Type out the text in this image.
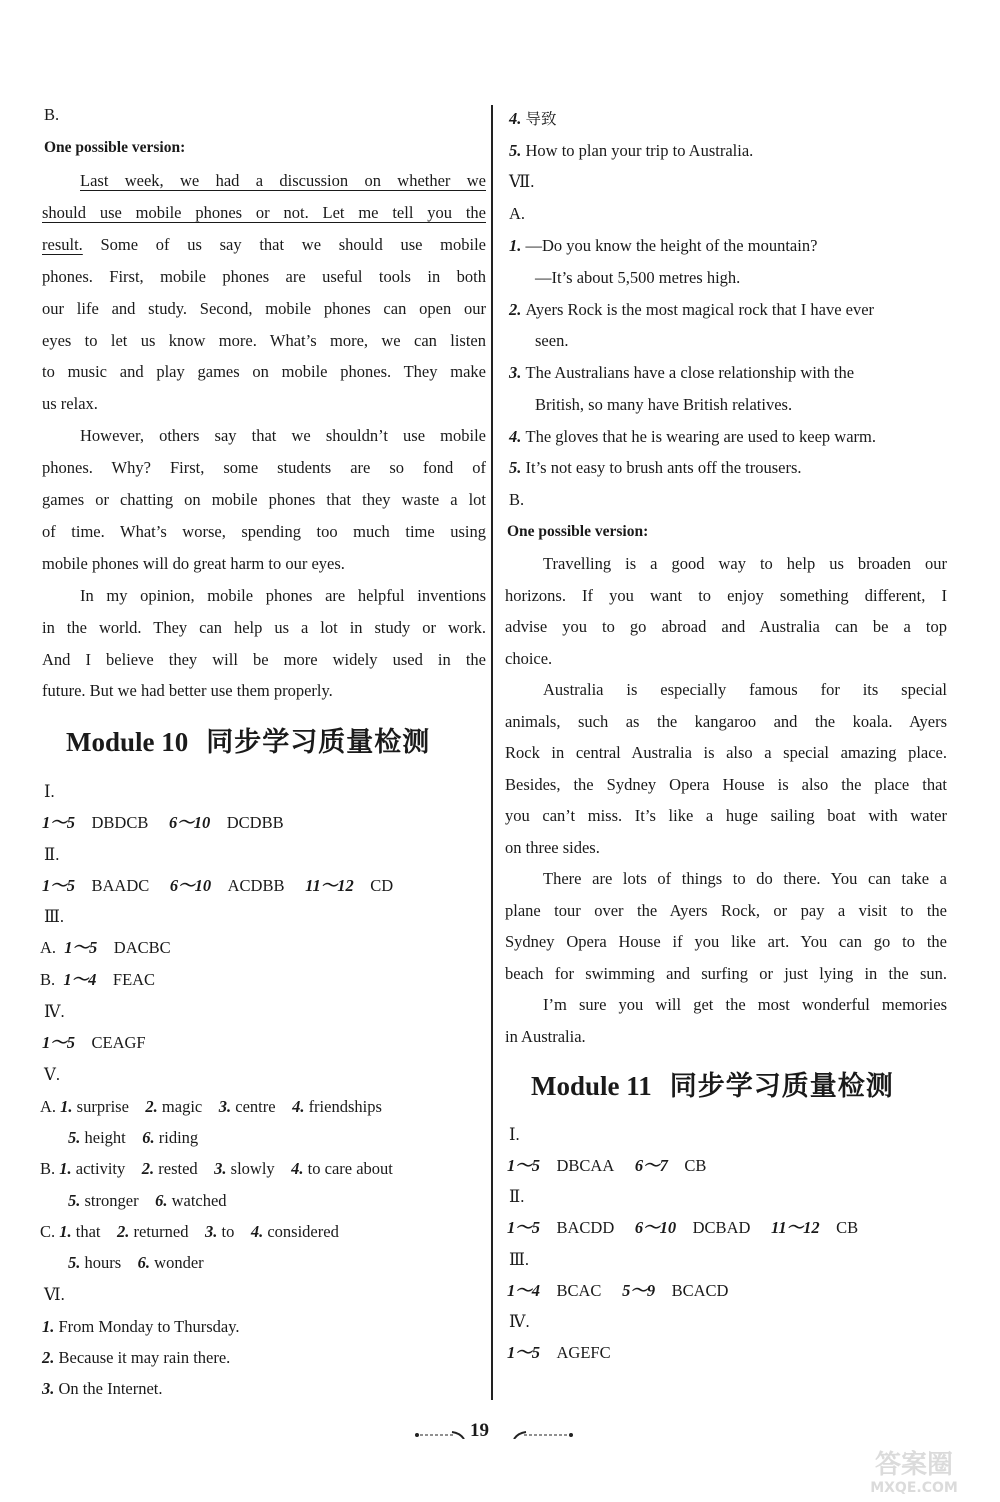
B.
One possible version:
Last week, we had a discussion on whether we
should use mobile phones or not. Let me tell you the
result. Some of us say that we should use mobile
phones. First, mobile phones are useful tools in both
our life and study. Second, mobile phones can open our
eyes to let us know more. What’s more, we can listen
to music and play games on mobile phones. They make
us relax.
However, others say that we shouldn’t use mobile
phones. Why? First, some students are so fond of
games or chatting on mobile phones that they waste a lot
of time. What’s worse, spending too much time using
mobile phones will do great harm to our eyes.
In my opinion, mobile phones are helpful inventions
in the world. They can help us a lot in study or work.
And I believe they will be more widely used in the
future. But we had better use them properly.
Module 10 同步学习质量检测
Ⅰ.
1～5 DBDCB 6～10 DCDBB
Ⅱ.
1～5 BAADC 6～10 ACDBB 11～12 CD
Ⅲ.
A. 1～5 DACBC
B. 1～4 FEAC
Ⅳ.
1～5 CEAGF
Ⅴ.
A. 1. surprise 2. magic 3. centre 4. friendships
5. height 6. riding
B. 1. activity 2. rested 3. slowly 4. to care about
5. stronger 6. watched
C. 1. that 2. returned 3. to 4. considered
5. hours 6. wonder
Ⅵ.
1. From Monday to Thursday.
2. Because it may rain there.
3. On the Internet.
4. 导致
5. How to plan your trip to Australia.
Ⅶ.
A.
1. —Do you know the height of the mountain?
—It’s about 5,500 metres high.
2. Ayers Rock is the most magical rock that I have ever
seen.
3. The Australians have a close relationship with the
British, so many have British relatives.
4. The gloves that he is wearing are used to keep warm.
5. It’s not easy to brush ants off the trousers.
B.
One possible version:
Travelling is a good way to help us broaden our
horizons. If you want to enjoy something different, I
advise you to go abroad and Australia can be a top
choice.
Australia is especially famous for its special
animals, such as the kangaroo and the koala. Ayers
Rock in central Australia is also a special amazing place.
Besides, the Sydney Opera House is also the place that
you can’t miss. It’s like a huge sailing boat with water
on three sides.
There are lots of things to do there. You can take a
plane tour over the Ayers Rock, or pay a visit to the
Sydney Opera House if you like art. You can go to the
beach for swimming and surfing or just lying in the sun.
I’m sure you will get the most wonderful memories
in Australia.
Module 11 同步学习质量检测
Ⅰ.
1～5 DBCAA 6～7 CB
Ⅱ.
1～5 BACDD 6～10 DCBAD 11～12 CB
Ⅲ.
1～4 BCAC 5～9 BCACD
Ⅳ.
1～5 AGEFC
19
答案圈
MXQE.COM
